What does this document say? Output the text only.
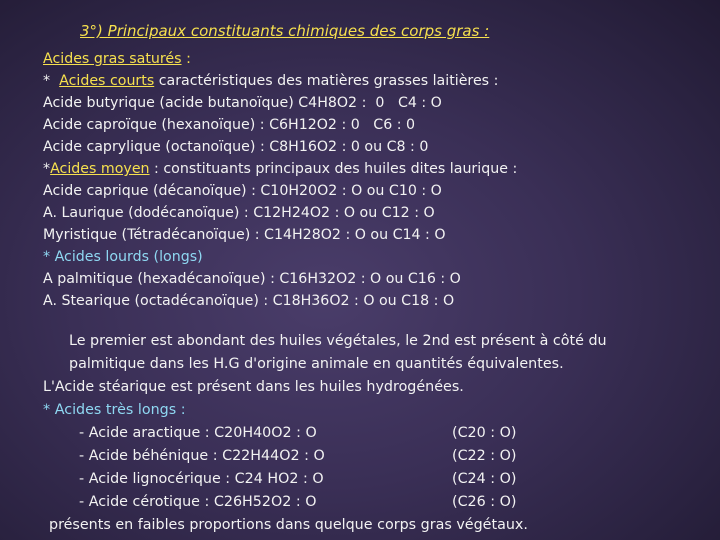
3°) Principaux constituants chimiques des corps gras :
Acides gras saturés :
*  Acides courts caractéristiques des matières grasses laitières :
Acide butyrique (acide butanoïque) C4H8O2 :  0   C4 : O
Acide caproïque (hexanoïque) : C6H12O2 : 0   C6 : 0
Acide caprylique (octanoïque) : C8H16O2 : 0 ou C8 : 0
*Acides moyen : constituants principaux des huiles dites laurique :
Acide caprique (décanoïque) : C10H20O2 : O ou C10 : O
A. Laurique (dodécanoïque) : C12H24O2 : O ou C12 : O
Myristique (Tétradécanoïque) : C14H28O2 : O ou C14 : O
* Acides lourds (longs)
A palmitique (hexadécanoïque) : C16H32O2 : O ou C16 : O
A. Stearique (octadécanoïque) : C18H36O2 : O ou C18 : O
Le premier est abondant des huiles végétales, le 2nd est présent à côté du
palmitique dans les H.G d'origine animale en quantités équivalentes.
L'Acide stéarique est présent dans les huiles hydrogénées.
* Acides très longs :
- Acide aractique : C20H40O2 : O	(C20 : O)
- Acide béhénique : C22H44O2 : O	(C22 : O)
- Acide lignocérique : C24 HO2 : O	(C24 : O)
- Acide cérotique : C26H52O2 : O	(C26 : O)
présents en faibles proportions dans quelque corps gras végétaux.
